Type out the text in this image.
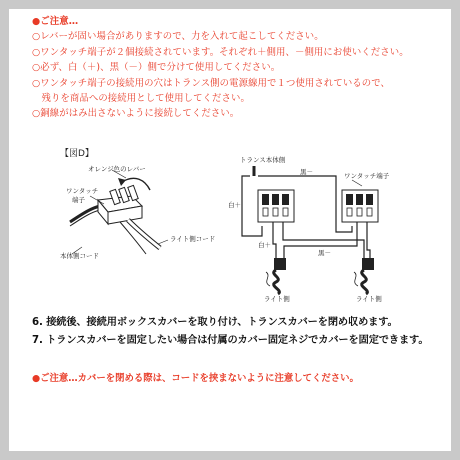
●ご注意…
○レバーが固い場合がありますので、力を入れて起こしてください。
○ワンタッチ端子が２個接続されています。それぞれ＋側用、－側用にお使いください。
○必ず、白（＋)、黒（－）側で分けて使用してください。
○ワンタッチ端子の接続用の穴はトランス側の電源線用で１つ使用されているので、
　残りを商品への接続用として使用してください。
○銅線がはみ出さないように接続してください。
【図D】
オレンジ色のレバー
ワンタッチ
端子
ライト側コード
本体側コード
トランス本体側
ワンタッチ端子
黒－
白＋
白＋
黒－
ライト側	ライト側
6. 接続後、接続用ボックスカバーを取り付け、トランスカバーを閉め収めます。
7. トランスカバーを固定したい場合は付属のカバー固定ネジでカバーを固定できます。
●ご注意…カバーを閉める際は、コードを挟まないように注意してください。
